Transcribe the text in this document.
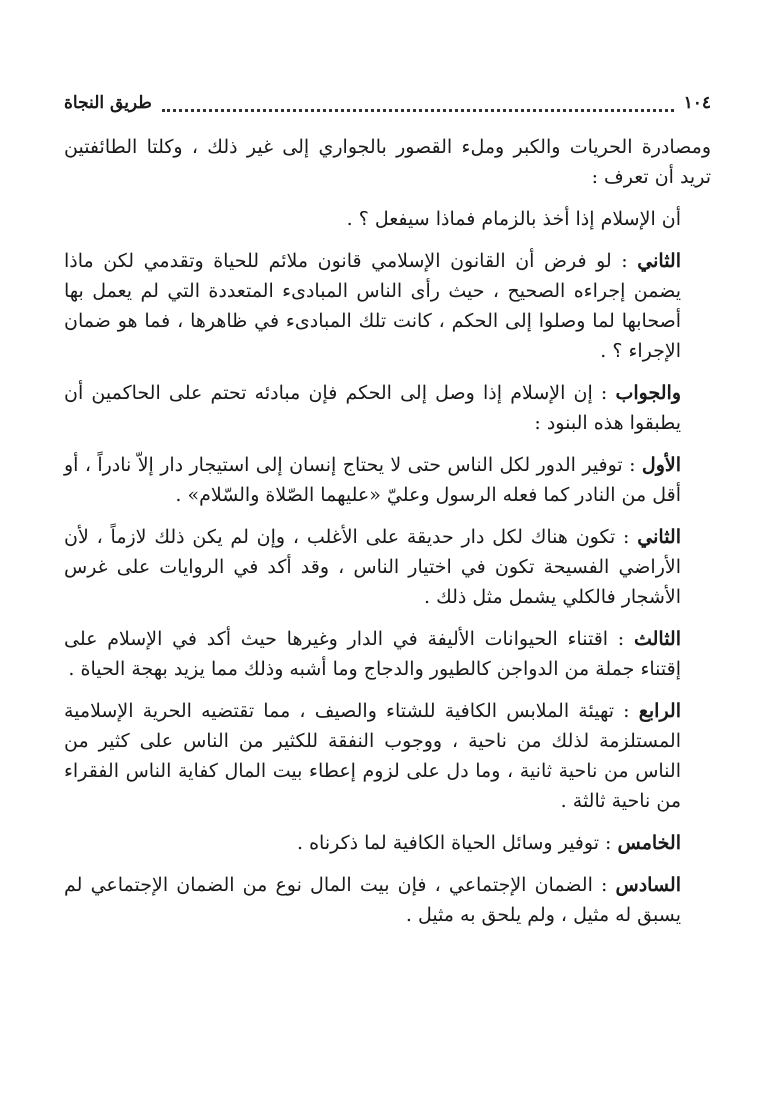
١٠٤
طريق النجاة

ومصادرة الحريات والكبر وملء القصور بالجواري إلى غير ذلك ، وكلتا الطائفتين تريد أن تعرف :

أن الإسلام إذا أخذ بالزمام فماذا سيفعل ؟ .

الثاني : لو فرض أن القانون الإسلامي قانون ملائم للحياة وتقدمي لكن ماذا يضمن إجراءه الصحيح ، حيث رأى الناس المبادىء المتعددة التي لم يعمل بها أصحابها لما وصلوا إلى الحكم ، كانت تلك المبادىء في ظاهرها ، فما هو ضمان الإجراء ؟ .

والجواب : إن الإسلام إذا وصل إلى الحكم فإن مبادئه تحتم على الحاكمين أن يطبقوا هذه البنود :

الأول : توفير الدور لكل الناس حتى لا يحتاج إنسان إلى استيجار دار إلاّ نادراً ، أو أقل من النادر كما فعله الرسول وعليّ «عليهما الصّلاة والسّلام» .

الثاني : تكون هناك لكل دار حديقة على الأغلب ، وإن لم يكن ذلك لازماً ، لأن الأراضي الفسيحة تكون في اختيار الناس ، وقد أكد في الروايات على غرس الأشجار فالكلي يشمل مثل ذلك .

الثالث : اقتناء الحيوانات الأليفة في الدار وغيرها حيث أكد في الإسلام على إقتناء جملة من الدواجن كالطيور والدجاج وما أشبه وذلك مما يزيد بهجة الحياة .

الرابع : تهيئة الملابس الكافية للشتاء والصيف ، مما تقتضيه الحرية الإسلامية المستلزمة لذلك من ناحية ، ووجوب النفقة للكثير من الناس على كثير من الناس من ناحية ثانية ، وما دل على لزوم إعطاء بيت المال كفاية الناس الفقراء من ناحية ثالثة .

الخامس : توفير وسائل الحياة الكافية لما ذكرناه .

السادس : الضمان الإجتماعي ، فإن بيت المال نوع من الضمان الإجتماعي لم يسبق له مثيل ، ولم يلحق به مثيل .
